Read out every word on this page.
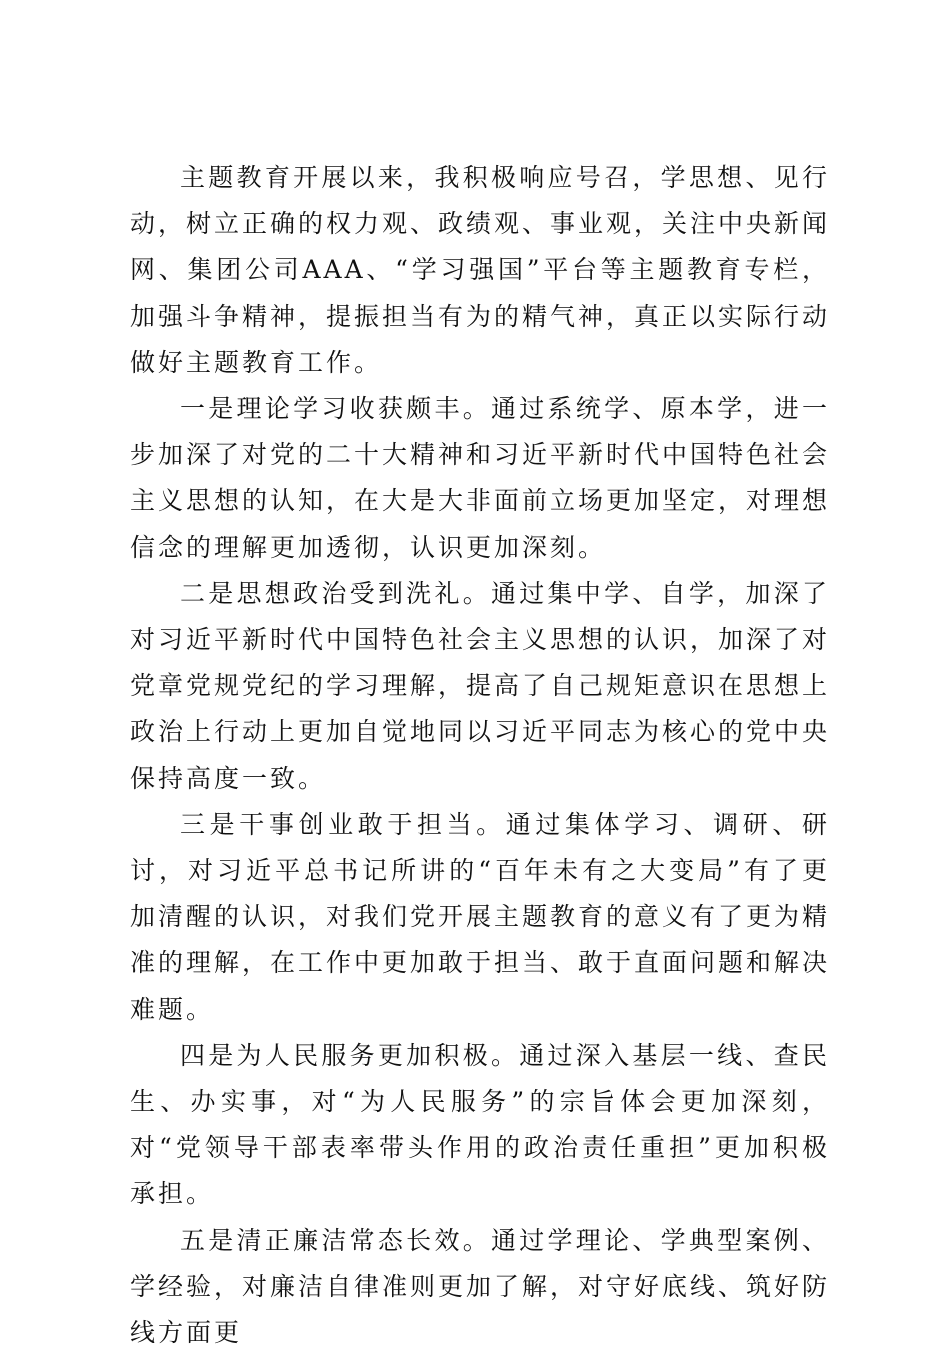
主题教育开展以来，我积极响应号召，学思想、见行动，树立正确的权力观、政绩观、事业观，关注中央新闻网、集团公司AAA、“学习强国”平台等主题教育专栏，加强斗争精神，提振担当有为的精气神，真正以实际行动做好主题教育工作。

一是理论学习收获颇丰。通过系统学、原本学，进一步加深了对党的二十大精神和习近平新时代中国特色社会主义思想的认知，在大是大非面前立场更加坚定，对理想信念的理解更加透彻，认识更加深刻。

二是思想政治受到洗礼。通过集中学、自学，加深了对习近平新时代中国特色社会主义思想的认识，加深了对党章党规党纪的学习理解，提高了自己规矩意识在思想上政治上行动上更加自觉地同以习近平同志为核心的党中央保持高度一致。

三是干事创业敢于担当。通过集体学习、调研、研讨，对习近平总书记所讲的“百年未有之大变局”有了更加清醒的认识，对我们党开展主题教育的意义有了更为精准的理解，在工作中更加敢于担当、敢于直面问题和解决难题。

四是为人民服务更加积极。通过深入基层一线、查民生、办实事，对“为人民服务”的宗旨体会更加深刻，对“党领导干部表率带头作用的政治责任重担”更加积极承担。

五是清正廉洁常态长效。通过学理论、学典型案例、学经验，对廉洁自律准则更加了解，对守好底线、筑好防线方面更
